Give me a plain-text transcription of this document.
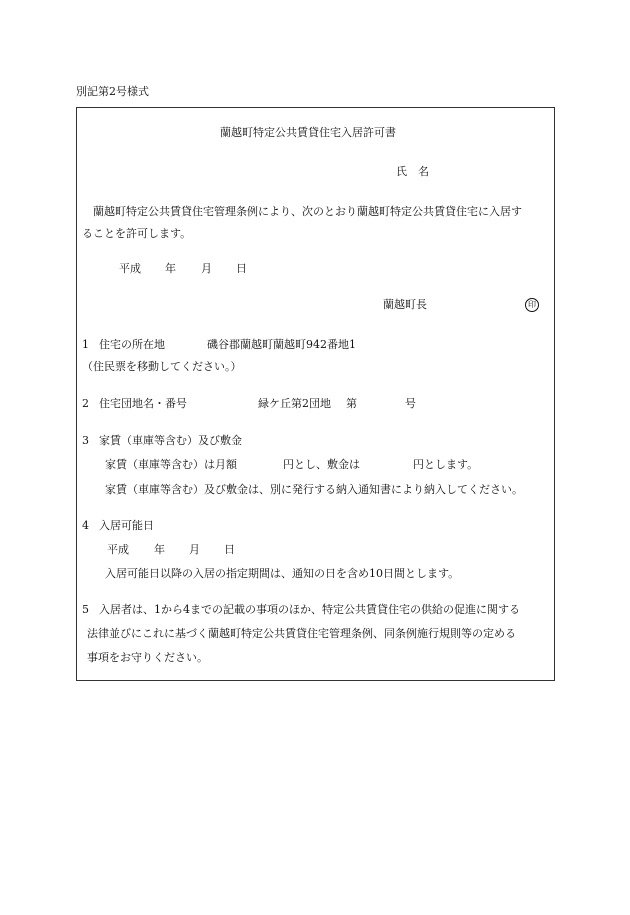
別記第2号様式
蘭越町特定公共賃貸住宅入居許可書
氏　名
蘭越町特定公共賃貸住宅管理条例により、次のとおり蘭越町特定公共賃貸住宅に入居す
ることを許可します。
平成 年 月 日
蘭越町長	印
1 住宅の所在地	磯谷郡蘭越町蘭越町942番地1
（住民票を移動してください。）
2 住宅団地名・番号	緑ケ丘第2団地 第	号
3 家賃（車庫等含む）及び敷金
家賃（車庫等含む）は月額	円とし、敷金は	円とします。
家賃（車庫等含む）及び敷金は、別に発行する納入通知書により納入してください。
4 入居可能日
平成 年 月 日
入居可能日以降の入居の指定期間は、通知の日を含め10日間とします。
5 入居者は、1から4までの記載の事項のほか、特定公共賃貸住宅の供給の促進に関する
法律並びにこれに基づく蘭越町特定公共賃貸住宅管理条例、同条例施行規則等の定める
事項をお守りください。
